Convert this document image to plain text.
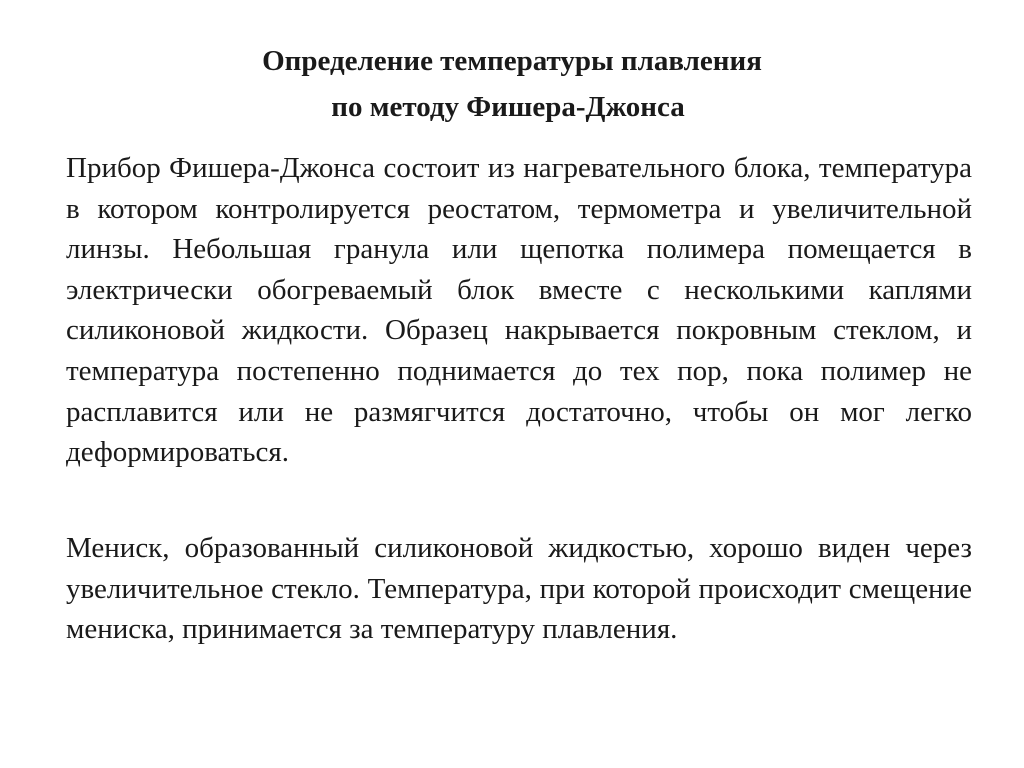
Определение температуры плавления
по методу Фишера-Джонса

Прибор Фишера-Джонса состоит из нагревательного блока, температура в котором контролируется реостатом, термометра и увеличительной линзы. Небольшая гранула или щепотка полимера помещается в электрически обогреваемый блок вместе с несколькими каплями силиконовой жидкости. Образец накрывается покровным стеклом, и температура постепенно поднимается до тех пор, пока полимер не расплавится или не размягчится достаточно, чтобы он мог легко деформироваться.

Мениск, образованный силиконовой жидкостью, хорошо виден через увеличительное стекло. Температура, при которой происходит смещение мениска, принимается за температуру плавления.
